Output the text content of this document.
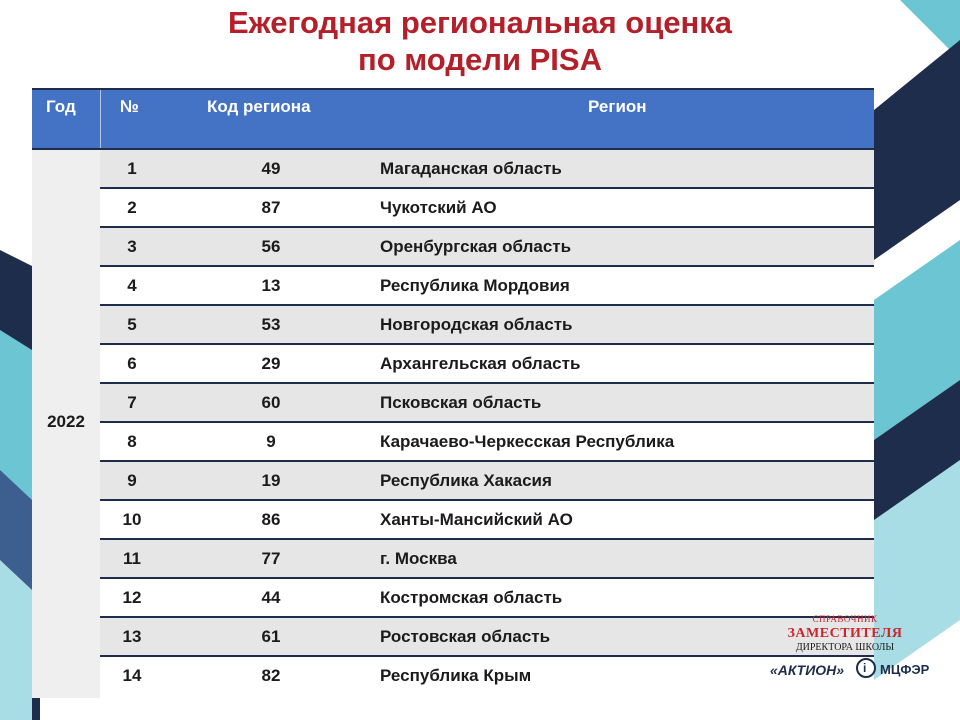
Ежегодная региональная оценка
по модели PISA
Год	№	Код региона	Регион
2022
1	49	Магаданская область
2	87	Чукотский АО
3	56	Оренбургская область
4	13	Республика Мордовия
5	53	Новгородская область
6	29	Архангельская область
7	60	Псковская область
8	9	Карачаево-Черкесская Республика
9	19	Республика Хакасия
10	86	Ханты-Мансийский АО
11	77	г. Москва
12	44	Костромская область
13	61	Ростовская область
14	82	Республика Крым
СПРАВОЧНИК
ЗАМЕСТИТЕЛЯ
ДИРЕКТОРА ШКОЛЫ
«АКТИОН» i МЦФЭР
